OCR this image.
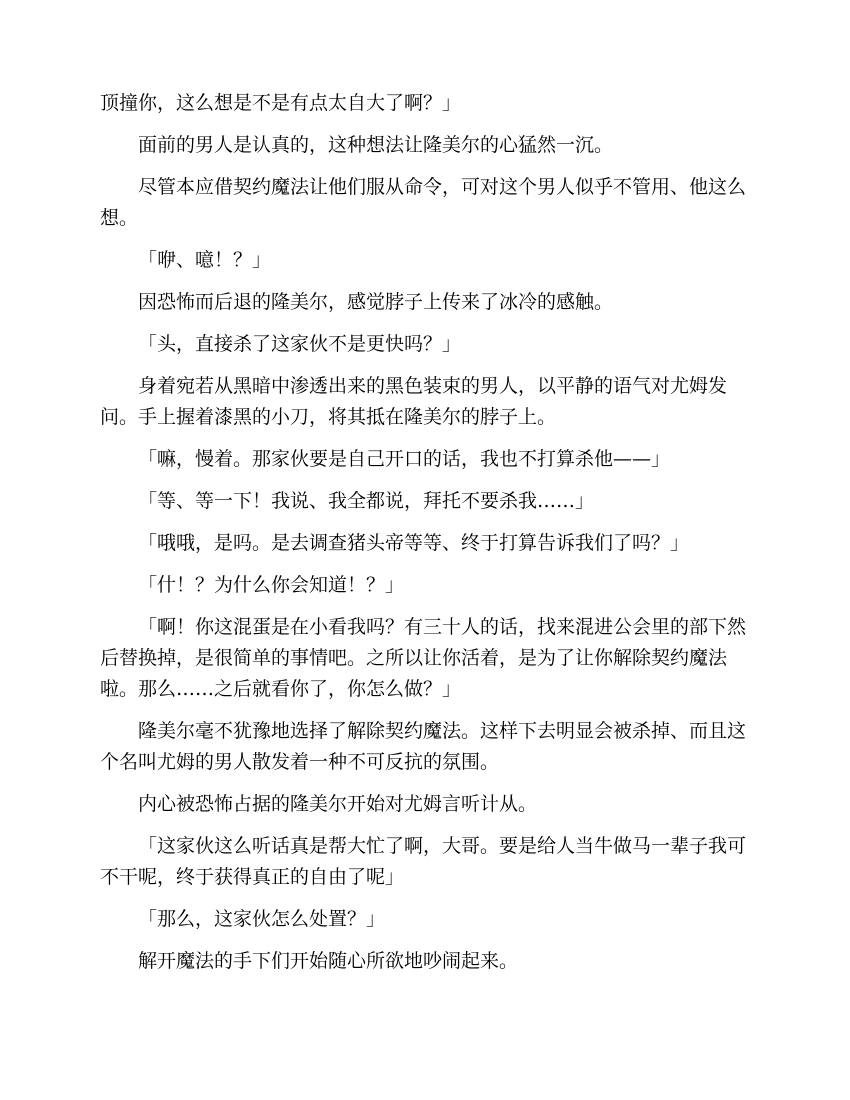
顶撞你，这么想是不是有点太自大了啊？」

面前的男人是认真的，这种想法让隆美尔的心猛然一沉。

尽管本应借契约魔法让他们服从命令，可对这个男人似乎不管用、他这么想。

「咿、噫！？」

因恐怖而后退的隆美尔，感觉脖子上传来了冰冷的感触。

「头，直接杀了这家伙不是更快吗？」

身着宛若从黑暗中渗透出来的黑色装束的男人，以平静的语气对尤姆发问。手上握着漆黑的小刀，将其抵在隆美尔的脖子上。

「嘛，慢着。那家伙要是自己开口的话，我也不打算杀他——」

「等、等一下！我说、我全都说，拜托不要杀我……」

「哦哦，是吗。是去调查猪头帝等等、终于打算告诉我们了吗？」

「什！？为什么你会知道！？」

「啊！你这混蛋是在小看我吗？有三十人的话，找来混进公会里的部下然后替换掉，是很简单的事情吧。之所以让你活着，是为了让你解除契约魔法啦。那么……之后就看你了，你怎么做？」

隆美尔毫不犹豫地选择了解除契约魔法。这样下去明显会被杀掉、而且这个名叫尤姆的男人散发着一种不可反抗的氛围。

内心被恐怖占据的隆美尔开始对尤姆言听计从。

「这家伙这么听话真是帮大忙了啊，大哥。要是给人当牛做马一辈子我可不干呢，终于获得真正的自由了呢」

「那么，这家伙怎么处置？」

解开魔法的手下们开始随心所欲地吵闹起来。
